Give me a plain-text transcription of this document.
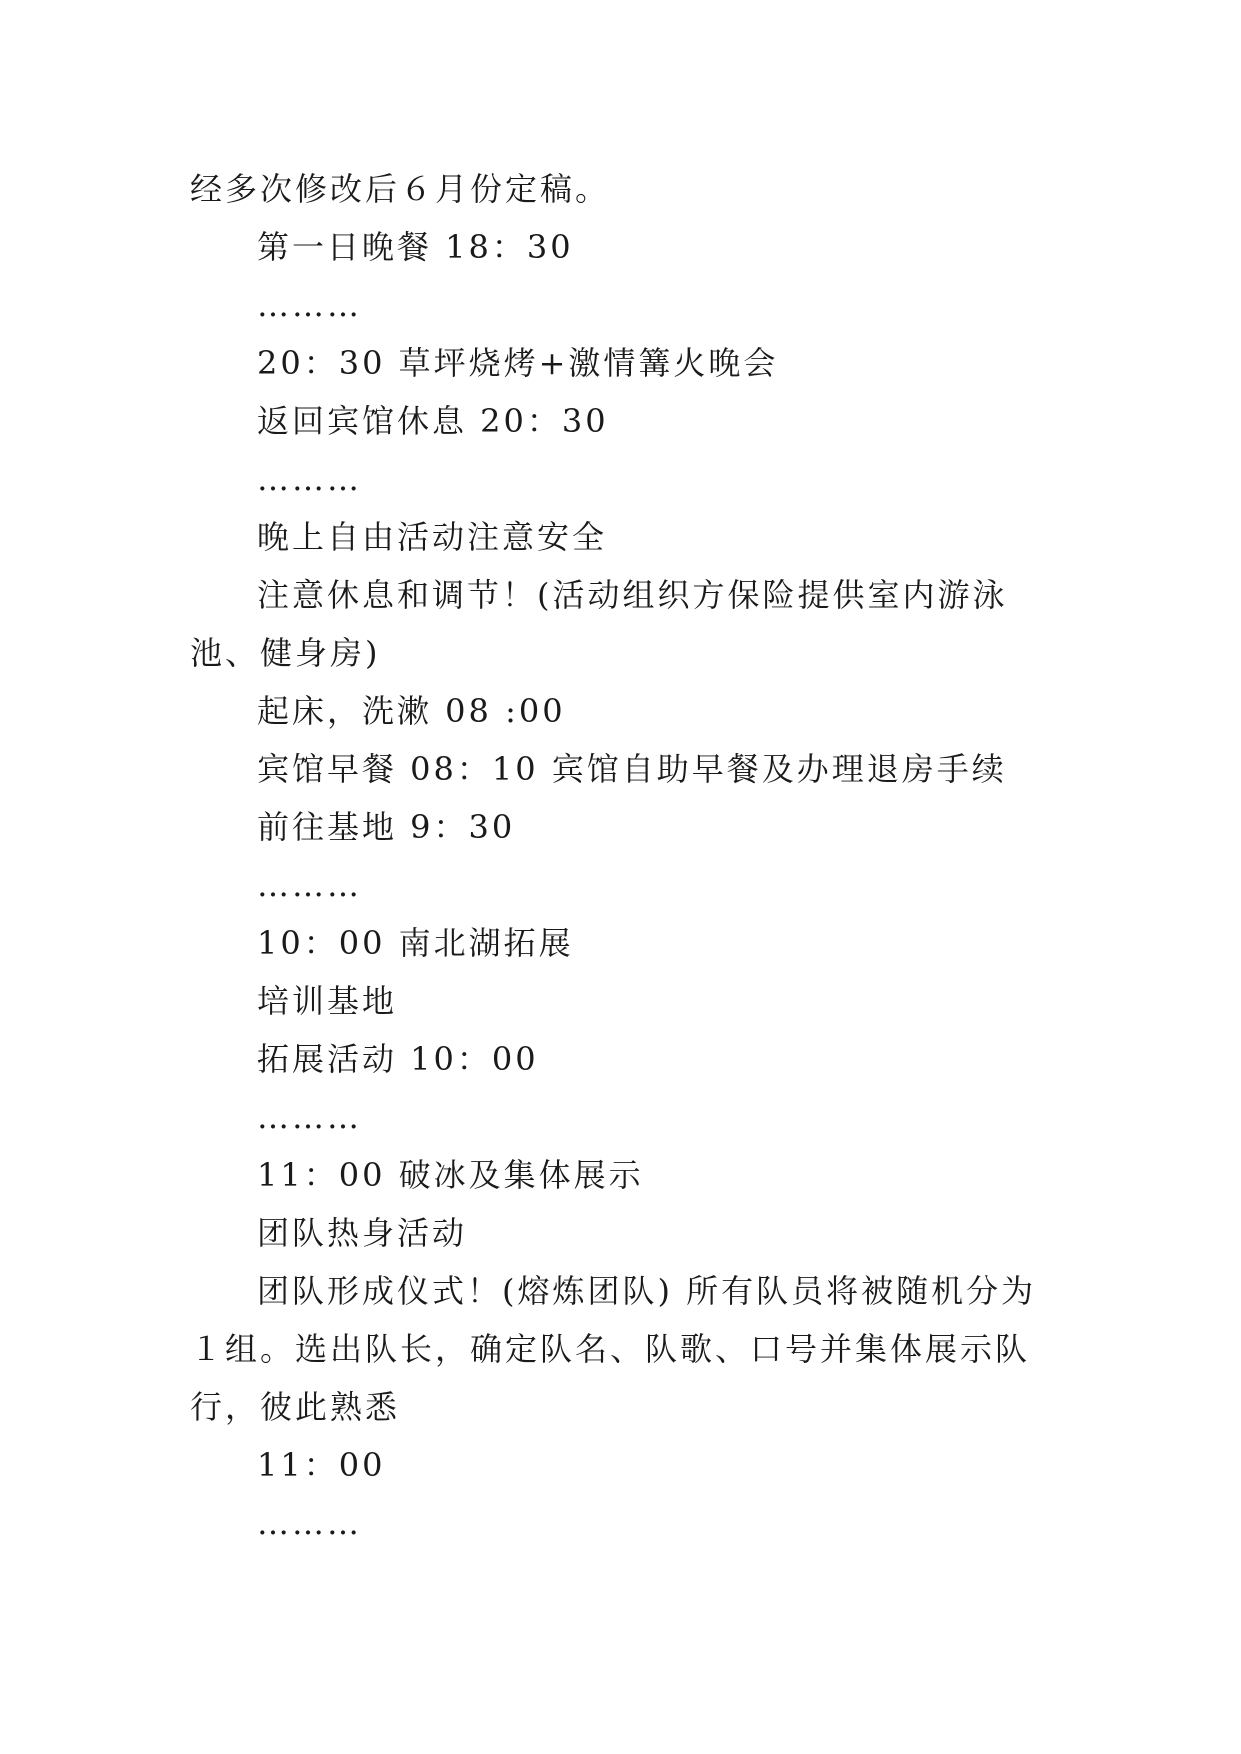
经多次修改后６月份定稿。

第一日晚餐 18：30

………

20：30 草坪烧烤+激情篝火晚会

返回宾馆休息 20：30

………

晚上自由活动注意安全

注意休息和调节！(活动组织方保险提供室内游泳池、健身房)

起床，洗漱 08 :00

宾馆早餐 08：10 宾馆自助早餐及办理退房手续

前往基地 9：30

………

10：00 南北湖拓展

培训基地

拓展活动 10：00

………

11：00 破冰及集体展示

团队热身活动

团队形成仪式！(熔炼团队) 所有队员将被随机分为１组。选出队长，确定队名、队歌、口号并集体展示队行，彼此熟悉

11：00

………
